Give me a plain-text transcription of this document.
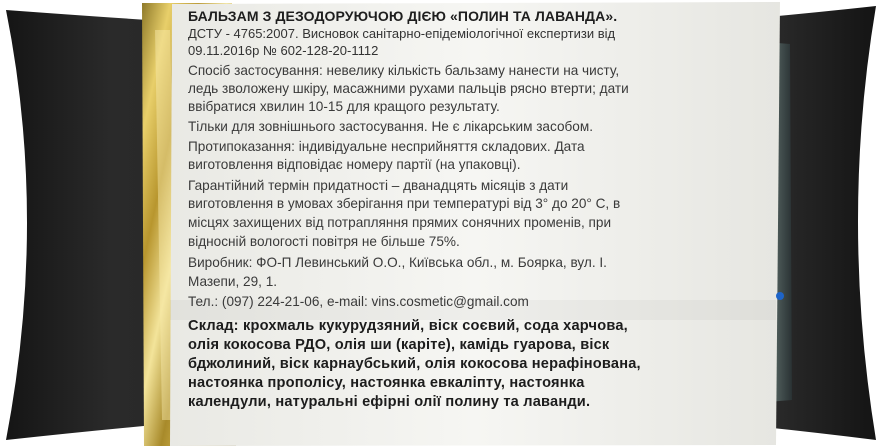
БАЛЬЗАМ З ДЕЗОДОРУЮЧОЮ ДІЄЮ «ПОЛИН ТА ЛАВАНДА».
ДСТУ - 4765:2007. Висновок санітарно-епідеміологічної експертизи від
09.11.2016р № 602-128-20-1112
Спосіб застосування: невелику кількість бальзаму нанести на чисту,
ледь зволожену шкіру, масажними рухами пальців рясно втерти; дати
ввібратися хвилин 10-15 для кращого результату.
Тільки для зовнішнього застосування. Не є лікарським засобом.
Протипоказання: індивідуальне несприйняття складових. Дата
виготовлення відповідає номеру партії (на упаковці).
Гарантійний термін придатності – дванадцять місяців з дати
виготовлення в умовах зберігання при температурі від 3° до 20° С, в
місцях захищених від потрапляння прямих сонячних променів, при
відносній вологості повітря не більше 75%.
Виробник: ФО-П Левинський О.О., Київська обл., м. Боярка, вул. І.
Мазепи, 29, 1.
Тел.: (097) 224-21-06, e-mail: vins.cosmetic@gmail.com
Склад: крохмаль кукурудзяний, віск соєвий, сода харчова,
олія кокосова РДО, олія ши (каріте), камідь гуарова, віск
бджолиний, віск карнаубський, олія кокосова нерафінована,
настоянка прополісу, настоянка евкаліпту, настоянка
календули, натуральні ефірні олії полину та лаванди.
